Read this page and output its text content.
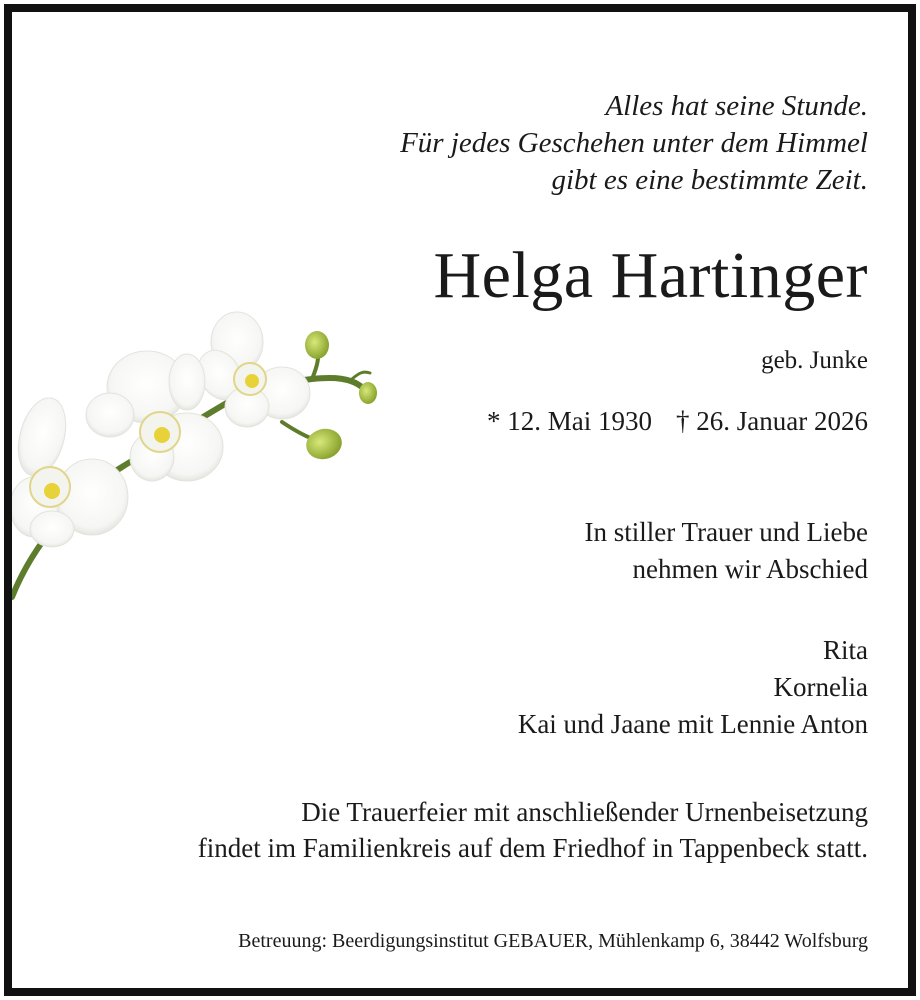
Alles hat seine Stunde.
Für jedes Geschehen unter dem Himmel
gibt es eine bestimmte Zeit.
Helga Hartinger
geb. Junke
* 12. Mai 1930 † 26. Januar 2026
In stiller Trauer und Liebe
nehmen wir Abschied
Rita
Kornelia
Kai und Jaane mit Lennie Anton
Die Trauerfeier mit anschließender Urnenbeisetzung
findet im Familienkreis auf dem Friedhof in Tappenbeck statt.
Betreuung: Beerdigungsinstitut GEBAUER, Mühlenkamp 6, 38442 Wolfsburg
